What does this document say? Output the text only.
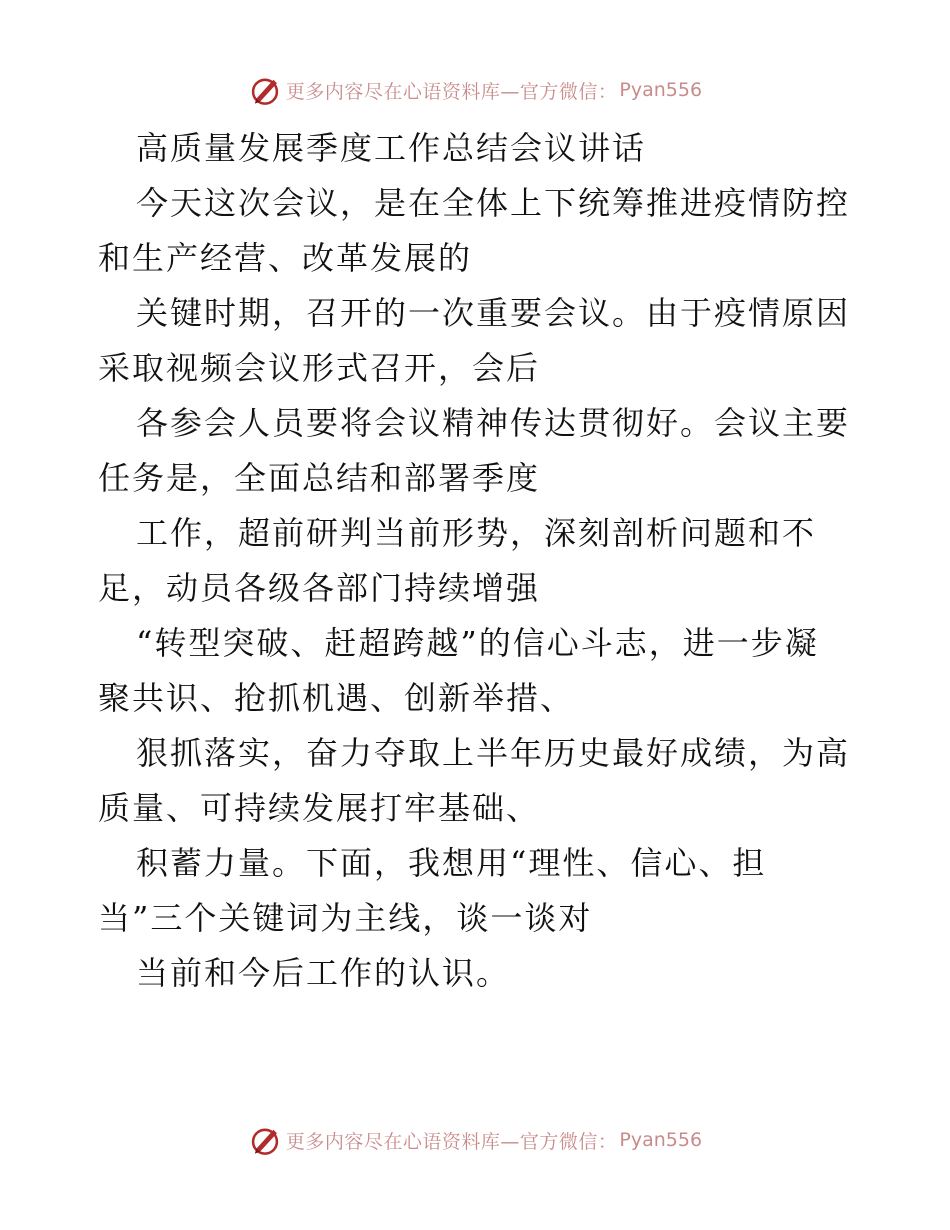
更多内容尽在心语资料库—官方微信： Pyan556
高质量发展季度工作总结会议讲话
今天这次会议，是在全体上下统筹推进疫情防控
和生产经营、改革发展的
关键时期，召开的一次重要会议。由于疫情原因
采取视频会议形式召开，会后
各参会人员要将会议精神传达贯彻好。会议主要
任务是，全面总结和部署季度
工作，超前研判当前形势，深刻剖析问题和不
足，动员各级各部门持续增强
“转型突破、赶超跨越”的信心斗志，进一步凝
聚共识、抢抓机遇、创新举措、
狠抓落实，奋力夺取上半年历史最好成绩，为高
质量、可持续发展打牢基础、
积蓄力量。下面，我想用“理性、信心、担
当”三个关键词为主线，谈一谈对
当前和今后工作的认识。
更多内容尽在心语资料库—官方微信： Pyan556
